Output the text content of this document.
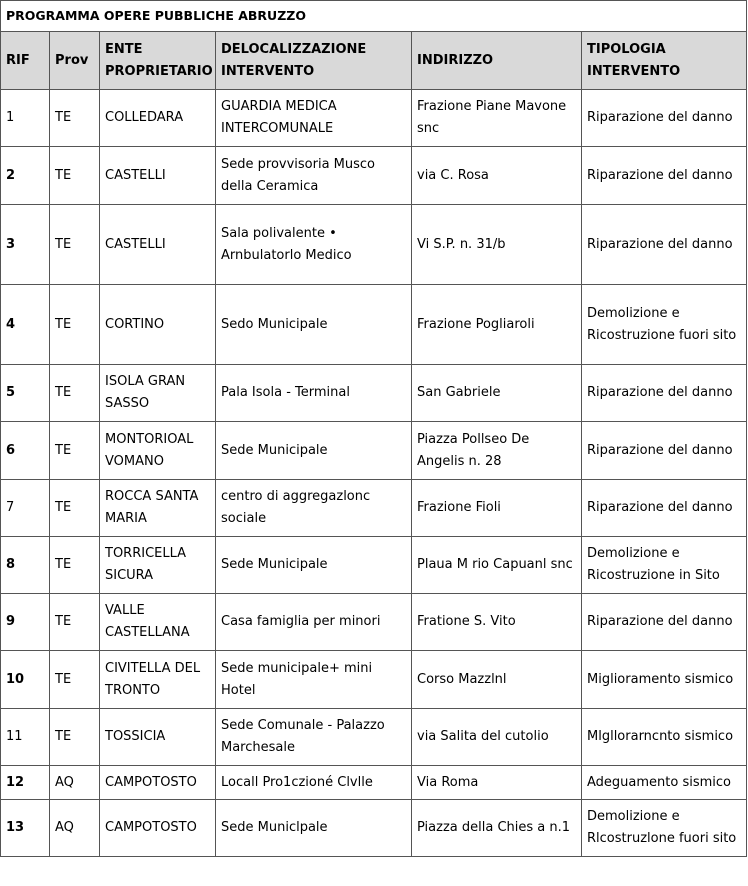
PROGRAMMA OPERE PUBBLICHE ABRUZZO					
RIF	Prov	ENTE PROPRIETARIO	DELOCALIZZAZIONE INTERVENTO	INDIRIZZO	TIPOLOGIA INTERVENTO
1	TE	COLLEDARA	GUARDIA MEDICA INTERCOMUNALE	Frazione Piane Mavone snc	Riparazione del danno
2	TE	CASTELLI	Sede provvisoria Musco della Ceramica	via C. Rosa	Riparazione del danno
3	TE	CASTELLI	Sala polivalente • Arnbulatorlo Medico	Vi S.P. n. 31/b	Riparazione del danno
4	TE	CORTINO	Sedo Municipale	Frazione Pogliaroli	Demolizione e Ricostruzione fuori sito
5	TE	ISOLA GRAN SASSO	Pala Isola - Terminal	San Gabriele	Riparazione del danno
6	TE	MONTORIOAL VOMANO	Sede Municipale	Piazza Pollseo De Angelis n. 28	Riparazione del danno
7	TE	ROCCA SANTA MARIA	centro di aggregazlonc sociale	Frazione Fioli	Riparazione del danno
8	TE	TORRICELLA SICURA	Sede Municipale	Plaua M rio Capuanl snc	Demolizione e Ricostruzione in Sito
9	TE	VALLE CASTELLANA	Casa famiglia per minori	Fratione S. Vito	Riparazione del danno
10	TE	CIVITELLA DEL TRONTO	Sede municipale+ mini Hotel	Corso Mazzlnl	Miglioramento sismico
11	TE	TOSSICIA	Sede Comunale - Palazzo Marchesale	via Salita del cutolio	Mlgllorarncnto sismico
12	AQ	CAMPOTOSTO	Locall Pro1czioné Clvlle	Via Roma	Adeguamento sismico
13	AQ	CAMPOTOSTO	Sede Municlpale	Piazza della Chies a n.1	Demolizione e Rlcostruzlone fuori sito
